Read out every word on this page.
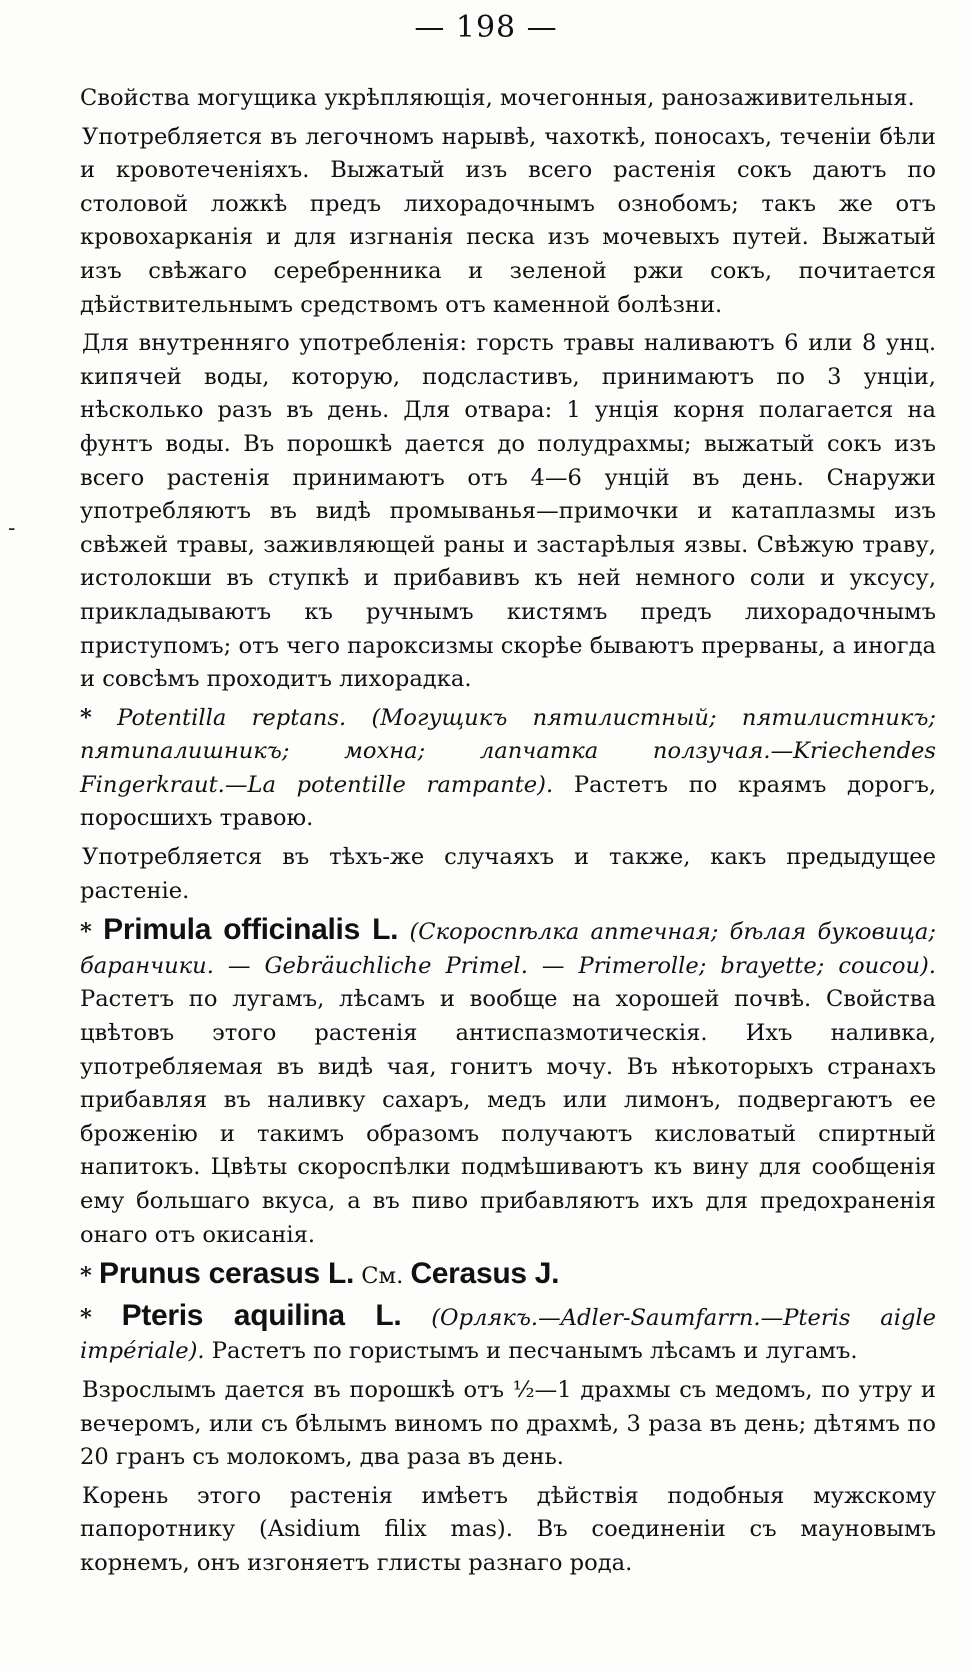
— 198 —
-

Свойства могущика укрѣпляющія, мочегонныя, ранозаживительныя.

Употребляется въ легочномъ нарывѣ, чахоткѣ, поносахъ, теченіи бѣли и кровотеченіяхъ. Выжатый изъ всего растенія сокъ даютъ по столовой ложкѣ предъ лихорадочнымъ ознобомъ; такъ же отъ кровохарканія и для изгнанія песка изъ мочевыхъ путей. Выжатый изъ свѣжаго серебренника и зеленой ржи сокъ, почитается дѣйствительнымъ средствомъ отъ каменной болѣзни.

Для внутренняго употребленія: горсть травы наливаютъ 6 или 8 унц. кипячей воды, которую, подсластивъ, принимаютъ по 3 унціи, нѣсколько разъ въ день. Для отвара: 1 унція корня полагается на фунтъ воды. Въ порошкѣ дается до полудрахмы; выжатый сокъ изъ всего растенія принимаютъ отъ 4—6 унцій въ день. Снаружи употребляютъ въ видѣ промыванья—примочки и катаплазмы изъ свѣжей травы, заживляющей раны и застарѣлыя язвы. Свѣжую траву, истолокши въ ступкѣ и прибавивъ къ ней немного соли и уксусу, прикладываютъ къ ручнымъ кистямъ предъ лихорадочнымъ приступомъ; отъ чего пароксизмы скорѣе бываютъ прерваны, а иногда и совсѣмъ проходитъ лихорадка.

* Potentilla reptans. (Могущикъ пятилистный; пятилистникъ; пятипалишникъ; мохна; лапчатка ползучая.—Kriechendes Fingerkraut.—La potentille rampante). Растетъ по краямъ дорогъ, поросшихъ травою.

Употребляется въ тѣхъ-же случаяхъ и также, какъ предыдущее растеніе.

* Primula officinalis L. (Скороспѣлка аптечная; бѣлая буковица; баранчики. — Gebräuchliche Primel. — Primerolle; brayette; coucou). Растетъ по лугамъ, лѣсамъ и вообще на хорошей почвѣ. Свойства цвѣтовъ этого растенія антиспазмотическія. Ихъ наливка, употребляемая въ видѣ чая, гонитъ мочу. Въ нѣкоторыхъ странахъ прибавляя въ наливку сахаръ, медъ или лимонъ, подвергаютъ ее броженію и такимъ образомъ получаютъ кисловатый спиртный напитокъ. Цвѣты скороспѣлки подмѣшиваютъ къ вину для сообщенія ему большаго вкуса, а въ пиво прибавляютъ ихъ для предохраненія онаго отъ окисанія.

* Prunus cerasus L. См. Cerasus J.

* Pteris aquilina L. (Орлякъ.—Adler-Saumfarrn.—Pteris aigle impériale). Растетъ по гористымъ и песчанымъ лѣсамъ и лугамъ.

Взрослымъ дается въ порошкѣ отъ ½—1 драхмы съ медомъ, по утру и вечеромъ, или съ бѣлымъ виномъ по драхмѣ, 3 раза въ день; дѣтямъ по 20 гранъ съ молокомъ, два раза въ день.

Корень этого растенія имѣетъ дѣйствія подобныя мужскому папоротнику (Asidium filix mas). Въ соединеніи съ мауновымъ корнемъ, онъ изгоняетъ глисты разнаго рода.
